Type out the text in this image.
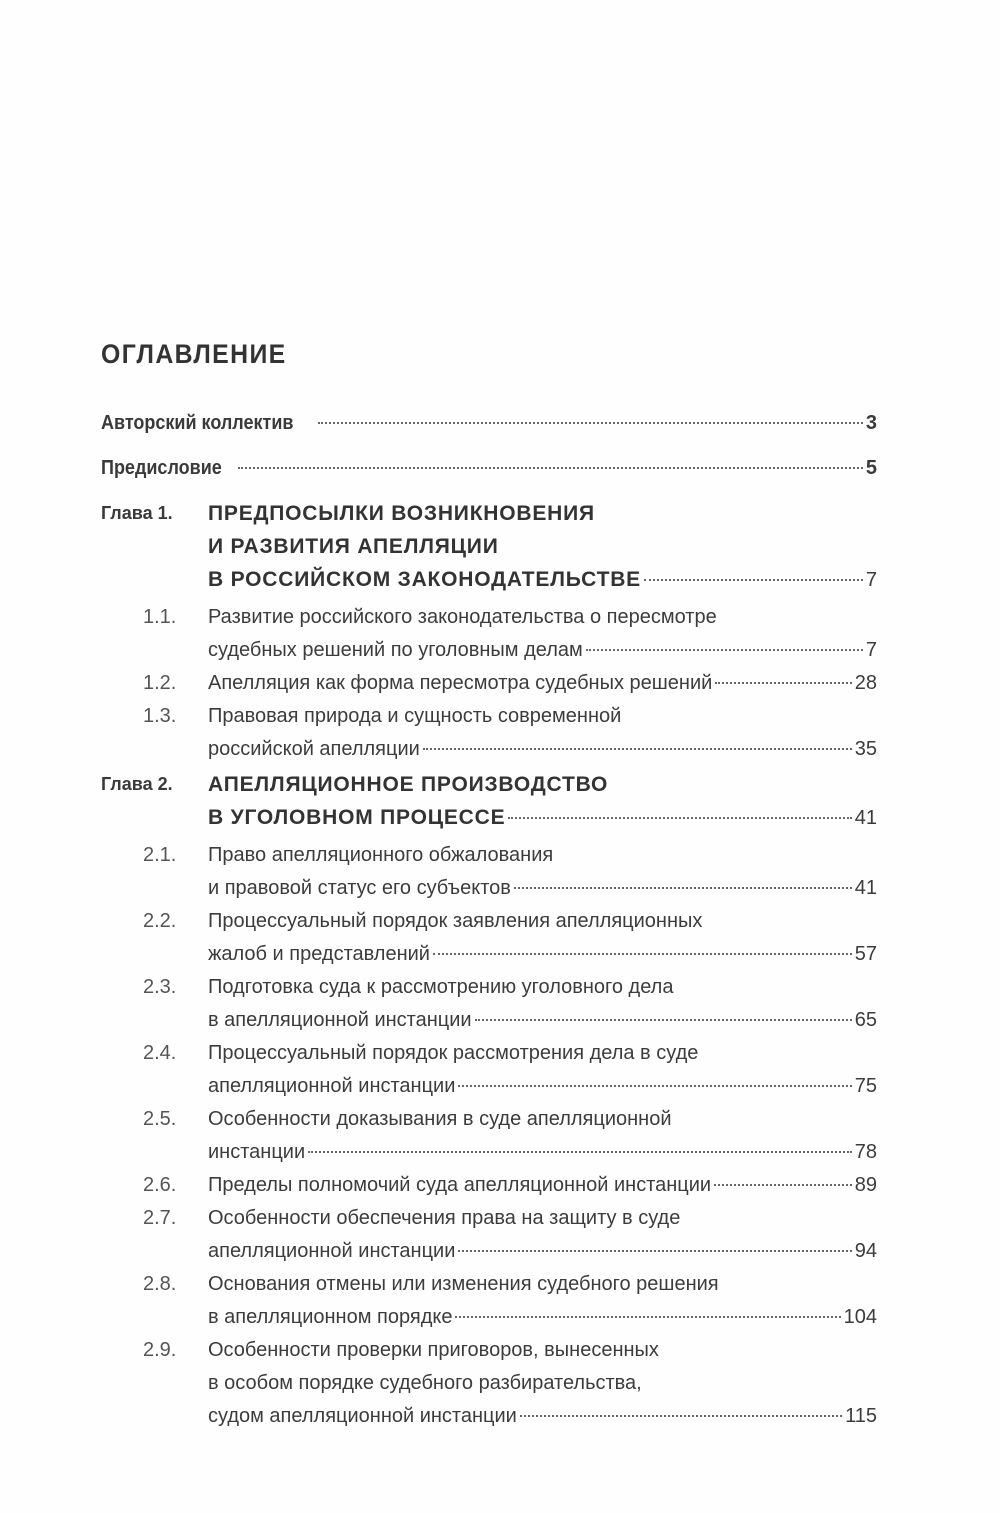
ОГЛАВЛЕНИЕ
Авторский коллектив	3
Предисловие	5
Глава 1.	ПРЕДПОСЫЛКИ ВОЗНИКНОВЕНИЯ
И РАЗВИТИЯ АПЕЛЛЯЦИИ
В РОССИЙСКОМ ЗАКОНОДАТЕЛЬСТВЕ	7
1.1. Развитие российского законодательства о пересмотре
судебных решений по уголовным делам	7
1.2. Апелляция как форма пересмотра судебных решений	28
1.3. Правовая природа и сущность современной
российской апелляции	35
Глава 2.	АПЕЛЛЯЦИОННОЕ ПРОИЗВОДСТВО
В УГОЛОВНОМ ПРОЦЕССЕ	41
2.1. Право апелляционного обжалования
и правовой статус его субъектов	41
2.2. Процессуальный порядок заявления апелляционных
жалоб и представлений	57
2.3. Подготовка суда к рассмотрению уголовного дела
в апелляционной инстанции	65
2.4. Процессуальный порядок рассмотрения дела в суде
апелляционной инстанции	75
2.5. Особенности доказывания в суде апелляционной
инстанции	78
2.6. Пределы полномочий суда апелляционной инстанции	89
2.7. Особенности обеспечения права на защиту в суде
апелляционной инстанции	94
2.8. Основания отмены или изменения судебного решения
в апелляционном порядке	104
2.9. Особенности проверки приговоров, вынесенных
в особом порядке судебного разбирательства,
судом апелляционной инстанции	115
